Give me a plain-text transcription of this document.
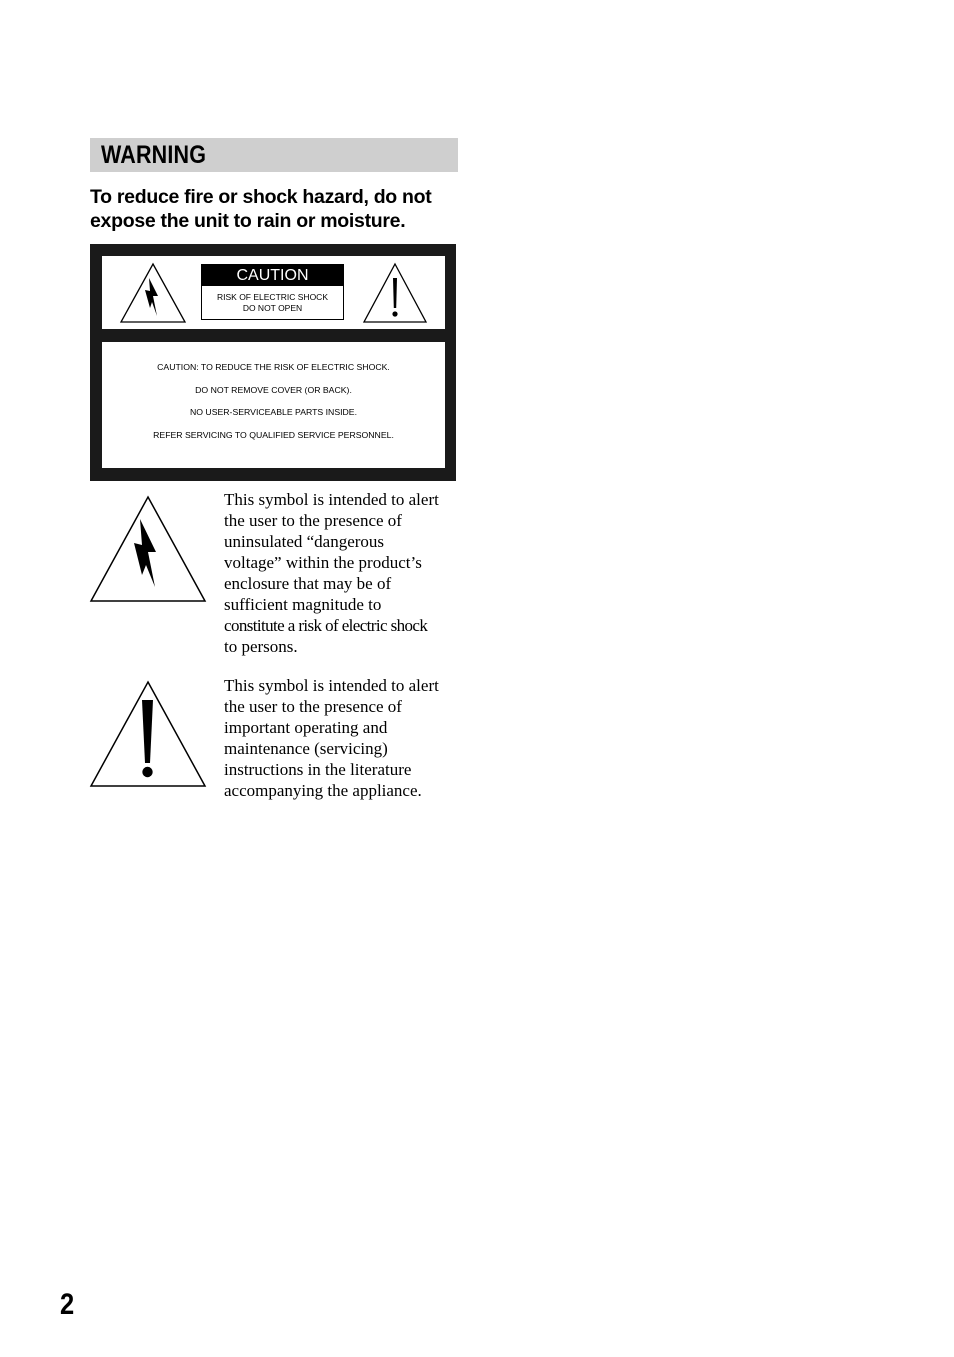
WARNING
To reduce fire or shock hazard, do not
expose the unit to rain or moisture.
CAUTION
RISK OF ELECTRIC SHOCK
DO NOT OPEN
CAUTION: TO REDUCE THE RISK OF ELECTRIC SHOCK.
DO NOT REMOVE COVER (OR BACK).
NO USER-SERVICEABLE PARTS INSIDE.
REFER SERVICING TO QUALIFIED SERVICE PERSONNEL.
This symbol is intended to alert
the user to the presence of
uninsulated “dangerous
voltage” within the product’s
enclosure that may be of
sufficient magnitude to
constitute a risk of electric shock
to persons.
This symbol is intended to alert
the user to the presence of
important operating and
maintenance (servicing)
instructions in the literature
accompanying the appliance.
2
